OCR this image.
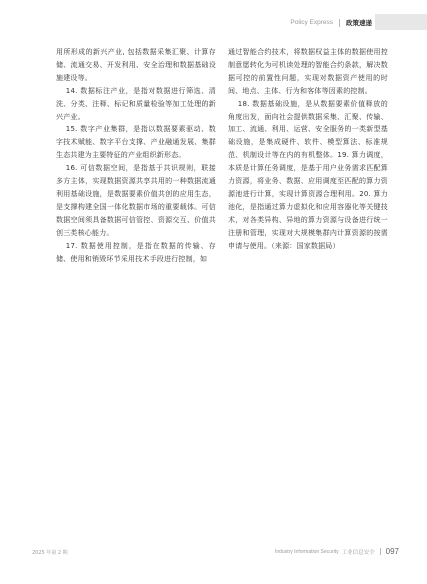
Policy Express 政策速递

用所形成的新兴产业, 包括数据采集汇聚、计算存储、流通交易、开发利用、安全治理和数据基础设施建设等。

14. 数据标注产业，是指对数据进行筛选、清洗、分类、注释、标记和质量检验等加工处理的新兴产业。

15. 数字产业集群，是指以数据要素驱动、数字技术赋能、数字平台支撑、产业融通发展、集群生态共建为主要特征的产业组织新形态。

16. 可信数据空间，是指基于共识规则，联接多方主体，实现数据资源共享共用的一种数据流通利用基础设施，是数据要素价值共创的应用生态，是支撑构建全国一体化数据市场的重要载体。可信数据空间须具备数据可信管控、资源交互、价值共创三类核心能力。

17. 数据使用控制，是指在数据的传输、存储、使用和销毁环节采用技术手段进行控制，如

通过智能合约技术，将数据权益主体的数据使用控制意愿转化为可机读处理的智能合约条款，解决数据可控的前置性问题，实现对数据资产使用的时间、地点、主体、行为和客体等因素的控制。

18. 数据基础设施，是从数据要素价值释放的角度出发，面向社会提供数据采集、汇聚、传输、加工、流通、利用、运营、安全服务的一类新型基础设施，是集成硬件、软件、模型算法、标准规范、机制设计等在内的有机整体。19. 算力调度，本质是计算任务调度，是基于用户业务需求匹配算力资源，将业务、数据、应用调度至匹配的算力资源池进行计算，实现计算资源合理利用。20. 算力池化，是指通过算力虚拟化和应用容器化等关键技术，对各类异构、异地的算力资源与设备进行统一注册和管理，实现对大规模集群内计算资源的按需申请与使用。（来源：国家数据局）

2025 年第 2 期	Industry Information Security 工业信息安全 097
